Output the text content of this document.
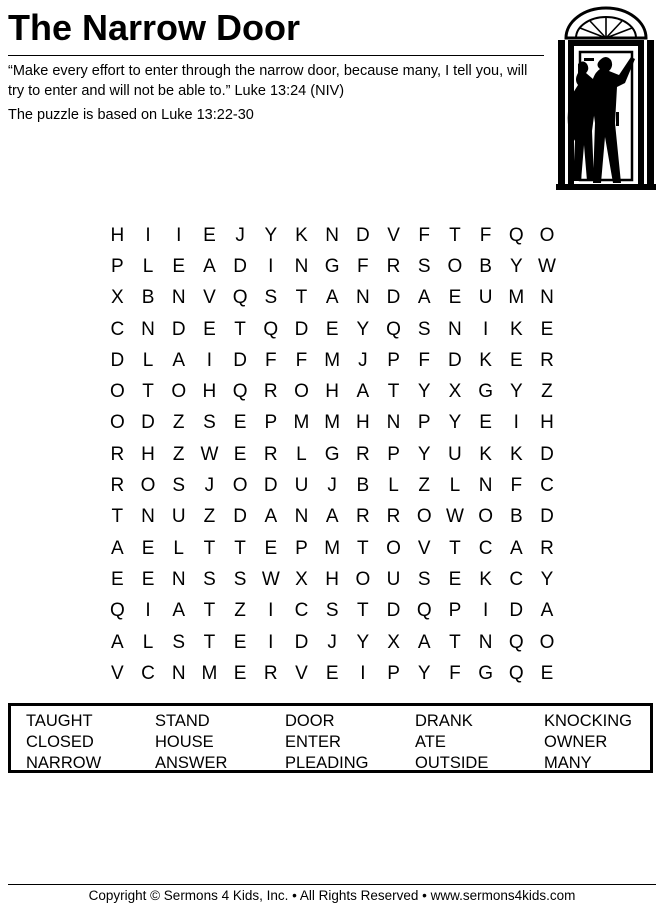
The Narrow Door
“Make every effort to enter through the narrow door, because many, I tell you, will try to enter and will not be able to.” Luke 13:24 (NIV)
The puzzle is based on Luke 13:22-30
H	I	I	E	J	Y K N D V F	T	F Q O
P	L	E A D	I	N G F R S O B Y W
X B N V Q S T A N D A E U M N
C N D E T Q D E Y Q S N	I	K E
D L	A	I	D F	F M J	P F D K E R
O T O H Q R O H A T Y X G Y Z
O D Z S E P M M H N P Y E	I	H
R H Z W E R L G R P Y U K K D
R O S	J O D U	J	B	L	Z	L N F C
T N U Z D A N A R R O W O B D
A E	L	T	T E P M T O V T C A R
E E N S S W X H O U S E K C Y
Q	I	A T	Z	I	C S T D Q P	I	D A
A	L	S T E	I	D	J	Y X A T N Q O
V C N M E R V E	I	P Y F G Q E
TAUGHT	STAND	DOOR	DRANK	KNOCKING
CLOSED	HOUSE	ENTER	ATE	OWNER
NARROW	ANSWER	PLEADING	OUTSIDE	MANY
Copyright © Sermons 4 Kids, Inc. • All Rights Reserved • www.sermons4kids.com
